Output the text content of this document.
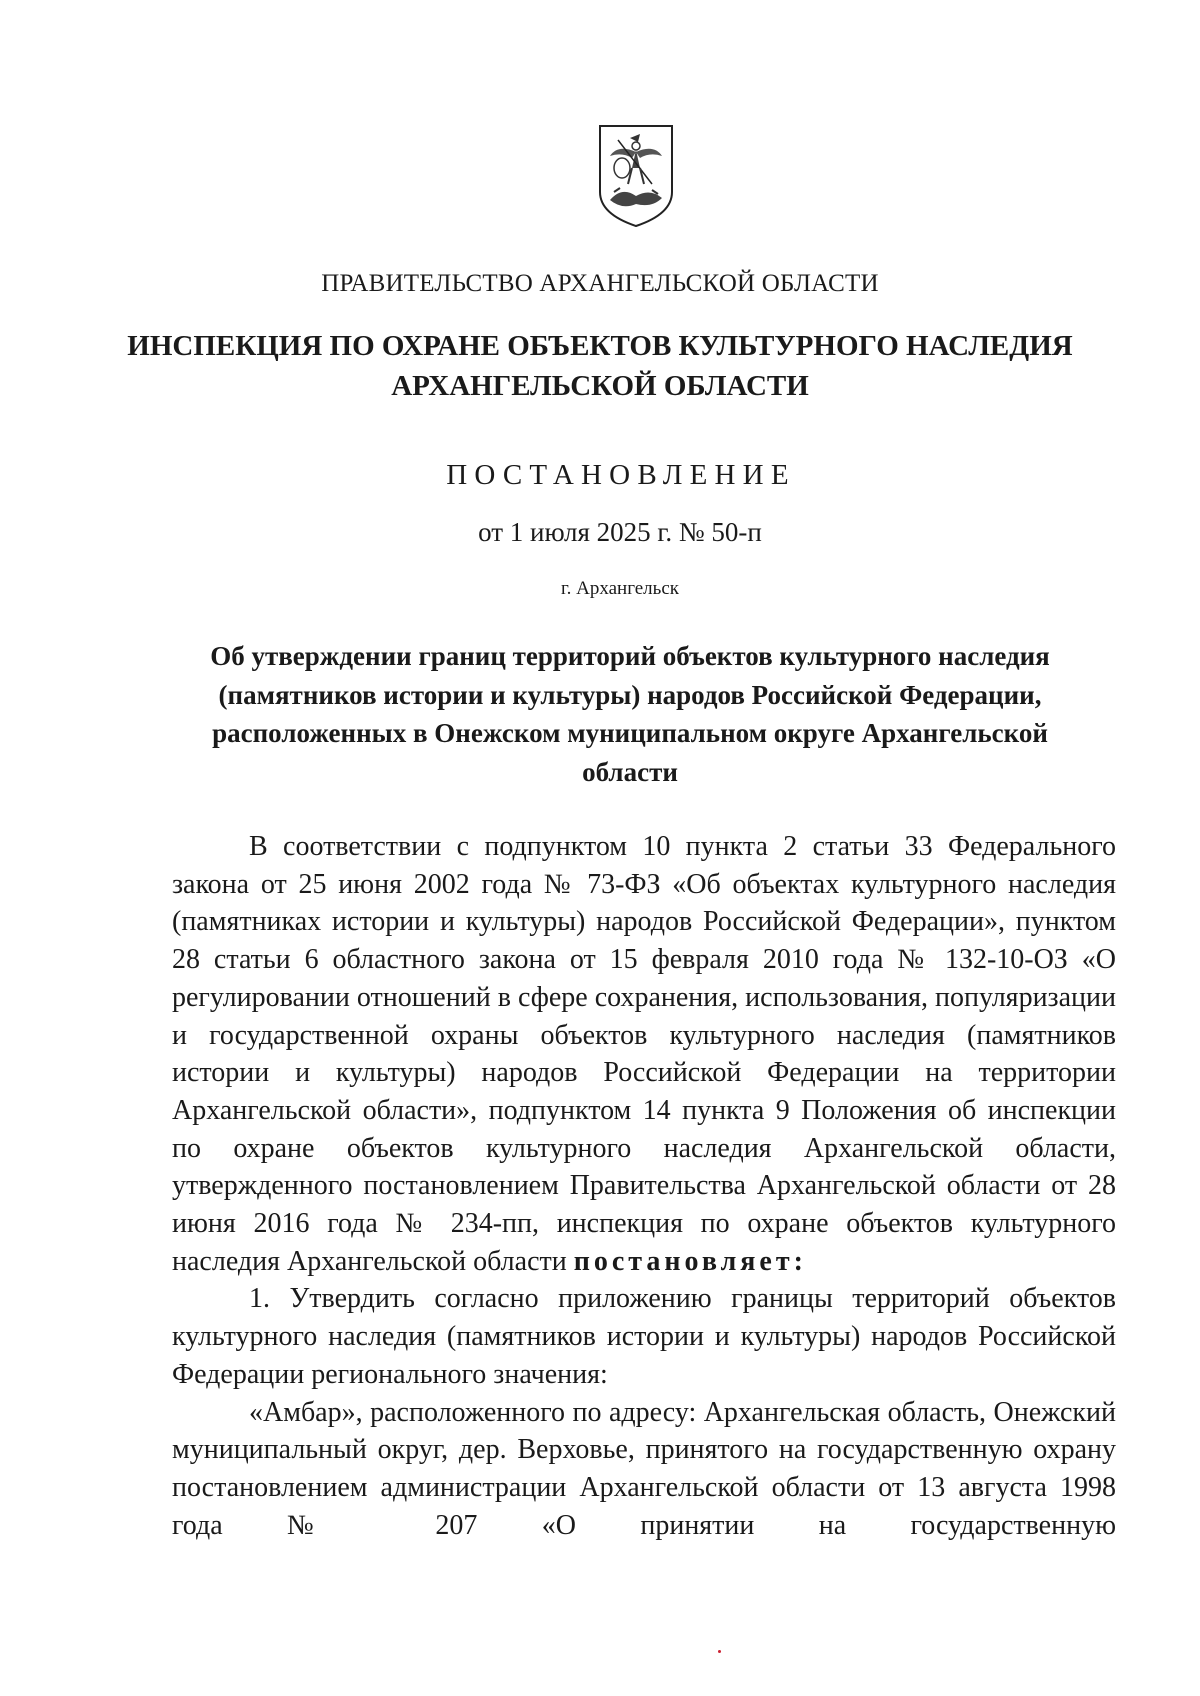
ПРАВИТЕЛЬСТВО АРХАНГЕЛЬСКОЙ ОБЛАСТИ
ИНСПЕКЦИЯ ПО ОХРАНЕ ОБЪЕКТОВ КУЛЬТУРНОГО НАСЛЕДИЯ АРХАНГЕЛЬСКОЙ ОБЛАСТИ
ПОСТАНОВЛЕНИЕ
от 1 июля 2025 г. № 50-п
г. Архангельск
Об утверждении границ территорий объектов культурного наследия (памятников истории и культуры) народов Российской Федерации, расположенных в Онежском муниципальном округе Архангельской области

В соответствии с подпунктом 10 пункта 2 статьи 33 Федерального закона от 25 июня 2002 года № 73-ФЗ «Об объектах культурного наследия (памятниках истории и культуры) народов Российской Федерации», пунктом 28 статьи 6 областного закона от 15 февраля 2010 года № 132-10-ОЗ «О регулировании отношений в сфере сохранения, использования, популяризации и государственной охраны объектов культурного наследия (памятников истории и культуры) народов Российской Федерации на территории Архангельской области», подпунктом 14 пункта 9 Положения об инспекции по охране объектов культурного наследия Архангельской области, утвержденного постановлением Правительства Архангельской области от 28 июня 2016 года № 234-пп, инспекция по охране объектов культурного наследия Архангельской области постановляет:

1. Утвердить согласно приложению границы территорий объектов культурного наследия (памятников истории и культуры) народов Российской Федерации регионального значения:

«Амбар», расположенного по адресу: Архангельская область, Онежский муниципальный округ, дер. Верховье, принятого на государственную охрану постановлением администрации Архангельской области от 13 августа 1998 года № 207 «О принятии на государственную
